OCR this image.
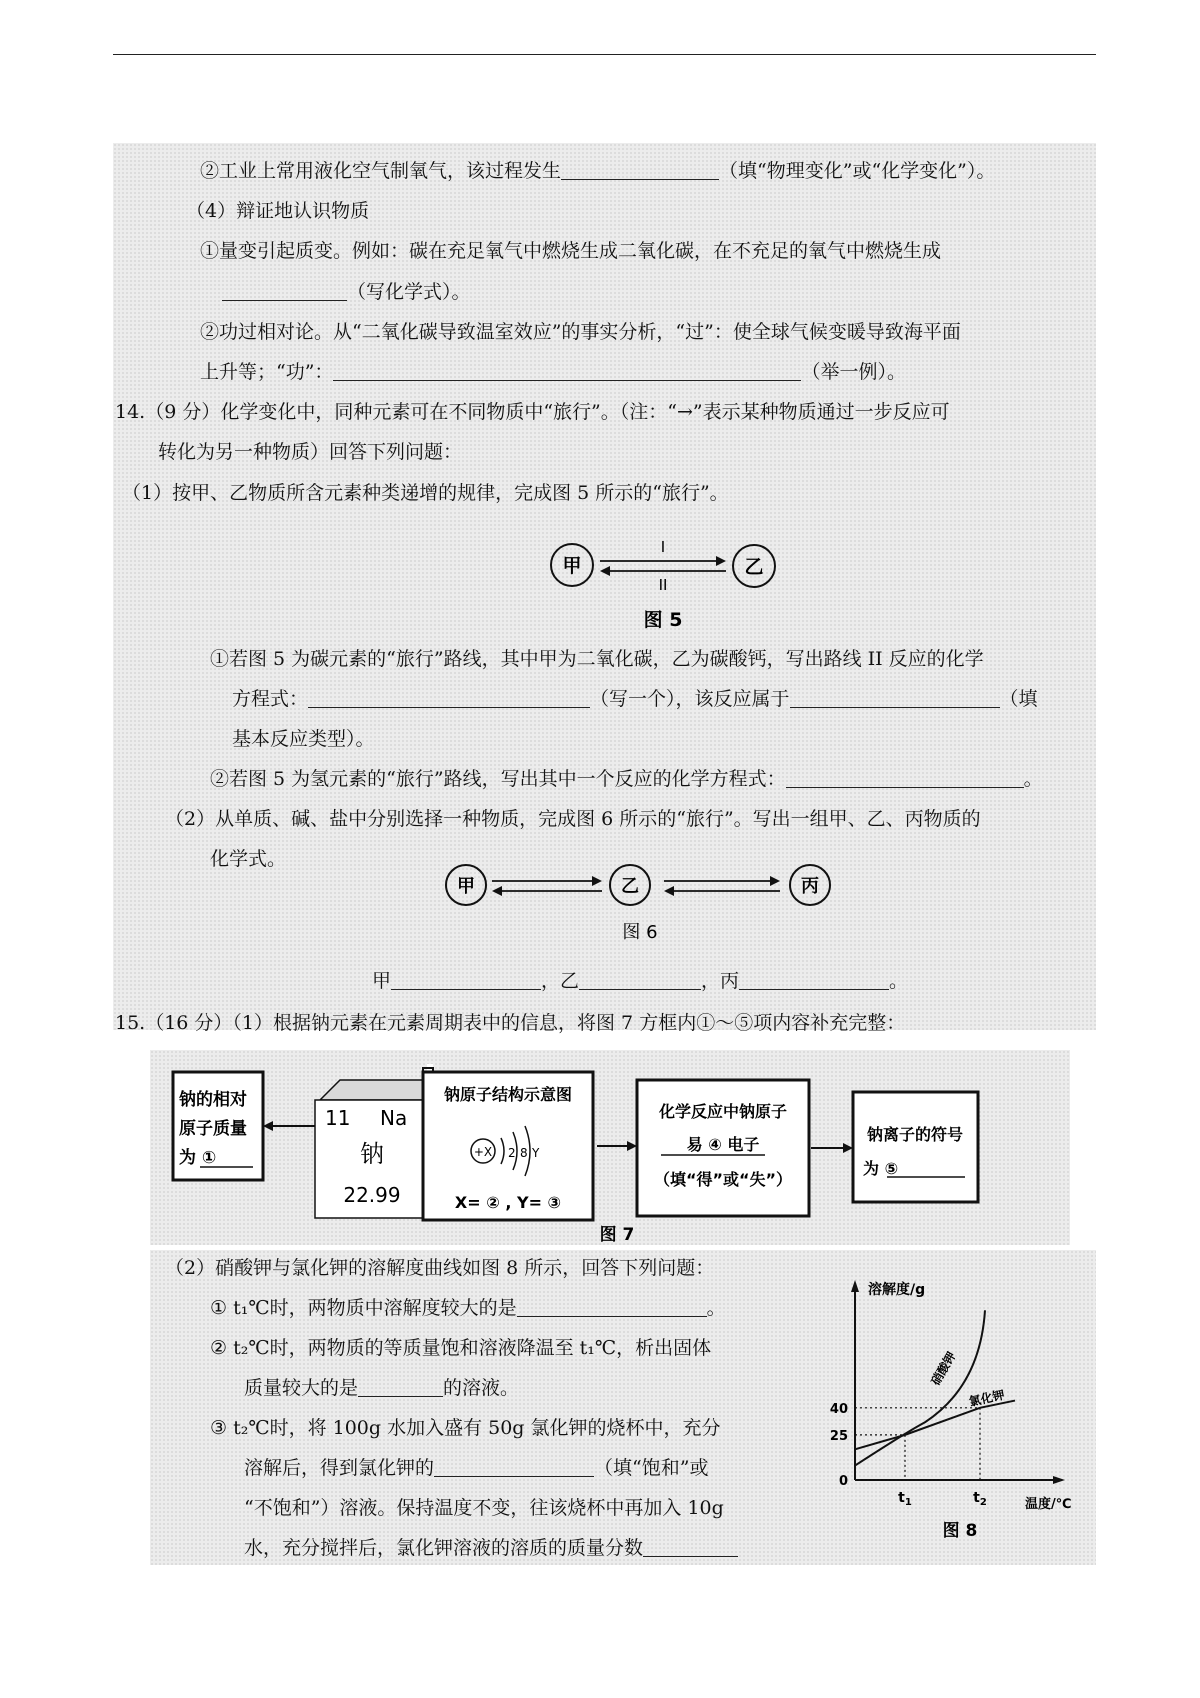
②工业上常用液化空气制氧气，该过程发生	（填“物理变化”或“化学变化”）。
（4）辩证地认识物质
①量变引起质变。例如：碳在充足氧气中燃烧生成二氧化碳，在不充足的氧气中燃烧生成
（写化学式）。
②功过相对论。从“二氧化碳导致温室效应”的事实分析，“过”：使全球气候变暖导致海平面
上升等；“功”：	（举一例）。
14.（9 分）化学变化中，同种元素可在不同物质中“旅行”。（注：“→”表示某种物质通过一步反应可
转化为另一种物质）回答下列问题：
（1）按甲、乙物质所含元素种类递增的规律，完成图 5 所示的“旅行”。
甲
I
II
乙
图 5
①若图 5 为碳元素的“旅行”路线，其中甲为二氧化碳，乙为碳酸钙，写出路线 II 反应的化学
方程式：	（写一个），该反应属于	（填
基本反应类型）。
②若图 5 为氢元素的“旅行”路线，写出其中一个反应的化学方程式：	。
（2）从单质、碱、盐中分别选择一种物质，完成图 6 所示的“旅行”。写出一组甲、乙、丙物质的
化学式。
甲	乙	丙
图 6
甲	，乙	，丙	。
15.（16 分）（1）根据钠元素在元素周期表中的信息，将图 7 方框内①～⑤项内容补充完整：
钠的相对
原子质量
为 ①
11 Na
钠
22.99
钠原子结构示意图
+X 2 8 Y
X= ② , Y= ③
化学反应中钠原子
易 ④ 电子
（填“得”或“失”）
钠离子的符号
为 ⑤
图 7
（2）硝酸钾与氯化钾的溶解度曲线如图 8 所示，回答下列问题：
① t₁℃时，两物质中溶解度较大的是	。
② t₂℃时，两物质的等质量饱和溶液降温至 t₁℃，析出固体
质量较大的是	的溶液。
③ t₂℃时，将 100g 水加入盛有 50g 氯化钾的烧杯中，充分
溶解后，得到氯化钾的	（填“饱和”或
“不饱和”）溶液。保持温度不变，往该烧杯中再加入 10g
水，充分搅拌后，氯化钾溶液的溶质的质量分数
溶解度/g
温度/℃
0
25
40
$t_1$	$t_2$
硝酸钾
氯化钾
图 8
